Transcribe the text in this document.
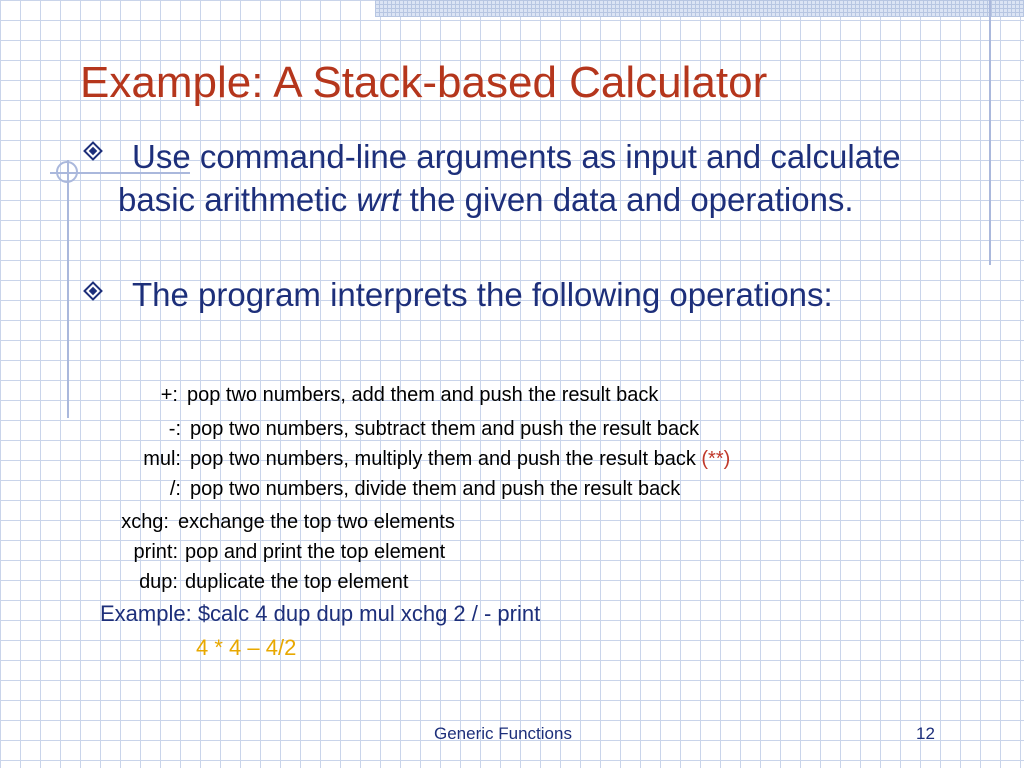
Example: A Stack-based Calculator

Use command-line arguments as input and calculate basic arithmetic wrt the given data and operations.

The program interprets the following operations:

+: pop two numbers, add them and push the result back
-: pop two numbers, subtract them and push the result back
mul: pop two numbers, multiply them and push the result back (**)
/: pop two numbers, divide them and push the result back
xchg: exchange the top two elements
print: pop and print the top element
dup: duplicate the top element
Example: $calc 4 dup dup mul xchg 2 / - print
4 * 4 – 4/2
Generic Functions	12
